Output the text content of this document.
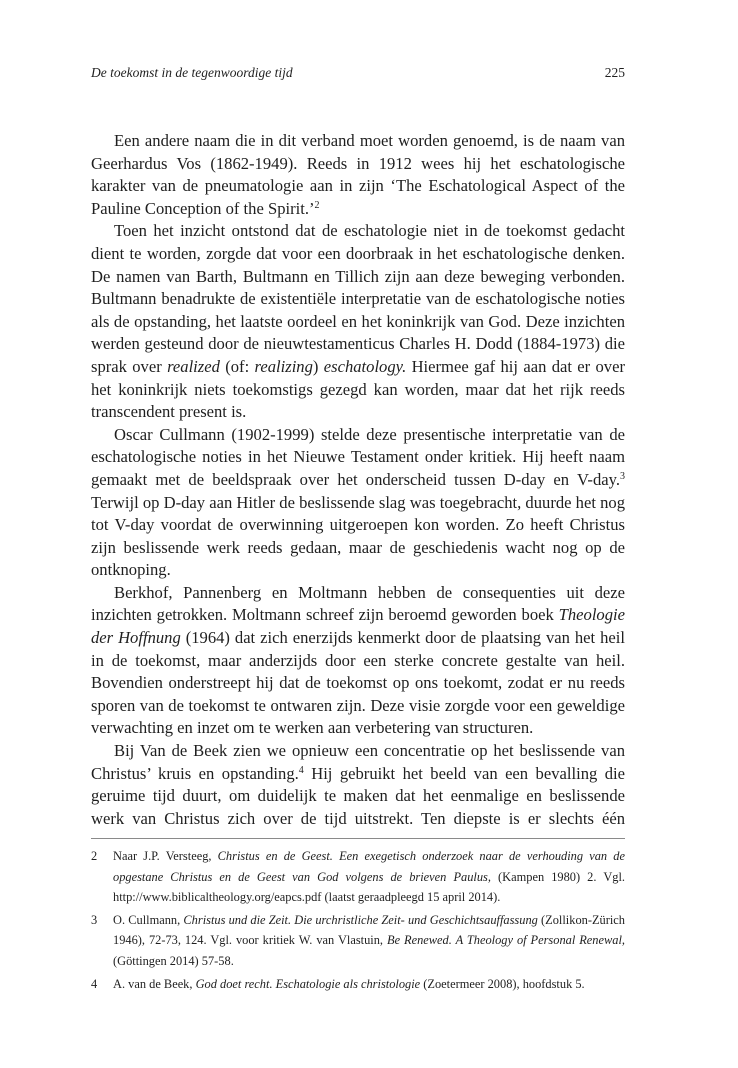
De toekomst in de tegenwoordige tijd	225

Een andere naam die in dit verband moet worden genoemd, is de naam van Geerhardus Vos (1862-1949). Reeds in 1912 wees hij het eschatologische karakter van de pneumatologie aan in zijn ‘The Eschatological Aspect of the Pauline Conception of the Spirit.’$^2$

Toen het inzicht ontstond dat de eschatologie niet in de toekomst gedacht dient te worden, zorgde dat voor een doorbraak in het eschatologische denken. De namen van Barth, Bultmann en Tillich zijn aan deze beweging verbonden. Bultmann benadrukte de existentiële interpretatie van de eschatologische noties als de opstanding, het laatste oordeel en het koninkrijk van God. Deze inzichten werden gesteund door de nieuwtestamenticus Charles H. Dodd (1884-1973) die sprak over realized (of: realizing) eschatology. Hiermee gaf hij aan dat er over het koninkrijk niets toekomstigs gezegd kan worden, maar dat het rijk reeds transcendent present is.

Oscar Cullmann (1902-1999) stelde deze presentische interpretatie van de eschatologische noties in het Nieuwe Testament onder kritiek. Hij heeft naam gemaakt met de beeldspraak over het onderscheid tussen D-day en V-day.$^3$ Terwijl op D-day aan Hitler de beslissende slag was toegebracht, duurde het nog tot V-day voordat de overwinning uitgeroepen kon worden. Zo heeft Christus zijn beslissende werk reeds gedaan, maar de geschiedenis wacht nog op de ontknoping.

Berkhof, Pannenberg en Moltmann hebben de consequenties uit deze inzichten getrokken. Moltmann schreef zijn beroemd geworden boek Theologie der Hoffnung (1964) dat zich enerzijds kenmerkt door de plaatsing van het heil in de toekomst, maar anderzijds door een sterke concrete gestalte van heil. Bovendien onderstreept hij dat de toekomst op ons toekomt, zodat er nu reeds sporen van de toekomst te ontwaren zijn. Deze visie zorgde voor een geweldige verwachting en inzet om te werken aan verbetering van structuren.

Bij Van de Beek zien we opnieuw een concentratie op het beslissende van Christus’ kruis en opstanding.$^4$ Hij gebruikt het beeld van een bevalling die geruime tijd duurt, om duidelijk te maken dat het eenmalige en beslissende werk van Christus zich over de tijd uitstrekt. Ten diepste is er slechts één

2 Naar J.P. Versteeg, Christus en de Geest. Een exegetisch onderzoek naar de verhouding van de opgestane Christus en de Geest van God volgens de brieven Paulus, (Kampen 1980) 2. Vgl. http://www.biblicaltheology.org/eapcs.pdf (laatst geraadpleegd 15 april 2014).
3 O. Cullmann, Christus und die Zeit. Die urchristliche Zeit- und Geschichtsauffassung (Zollikon-Zürich 1946), 72-73, 124. Vgl. voor kritiek W. van Vlastuin, Be Renewed. A Theology of Personal Renewal, (Göttingen 2014) 57-58.
4 A. van de Beek, God doet recht. Eschatologie als christologie (Zoetermeer 2008), hoofdstuk 5.
